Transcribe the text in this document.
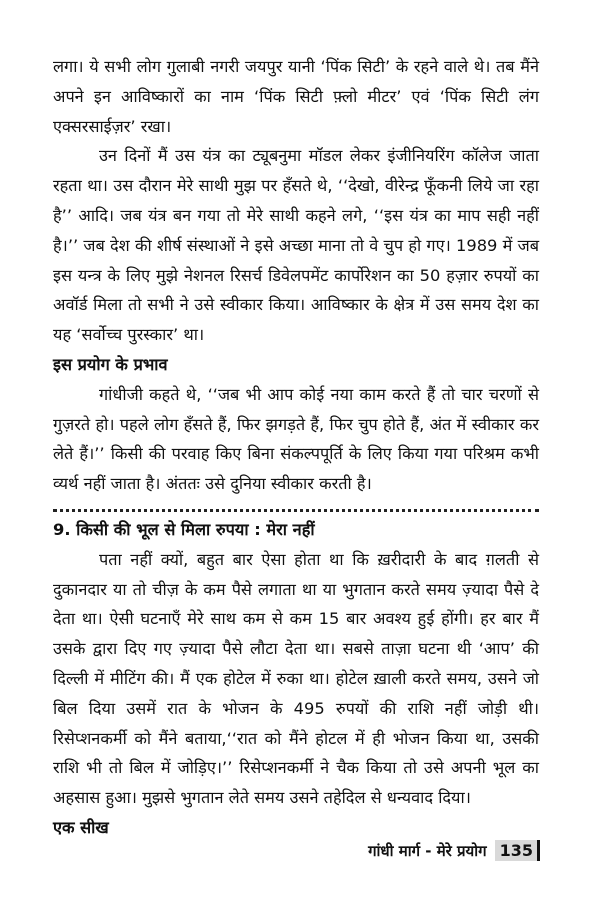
लगा। ये सभी लोग गुलाबी नगरी जयपुर यानी ‘पिंक सिटी’ के रहने वाले थे। तब मैंने अपने इन आविष्कारों का नाम ‘पिंक सिटी फ़्लो मीटर’ एवं ‘पिंक सिटी लंग एक्सरसाईज़र’ रखा।

उन दिनों मैं उस यंत्र का ट्यूबनुमा मॉडल लेकर इंजीनियरिंग कॉलेज जाता रहता था। उस दौरान मेरे साथी मुझ पर हँसते थे, ‘‘देखो, वीरेन्द्र फूँकनी लिये जा रहा है’’ आदि। जब यंत्र बन गया तो मेरे साथी कहने लगे, ‘‘इस यंत्र का माप सही नहीं है।’’ जब देश की शीर्ष संस्थाओं ने इसे अच्छा माना तो वे चुप हो गए। 1989 में जब इस यन्त्र के लिए मुझे नेशनल रिसर्च डिवेलपमेंट कार्पोरेशन का 50 हज़ार रुपयों का अवॉर्ड मिला तो सभी ने उसे स्वीकार किया। आविष्कार के क्षेत्र में उस समय देश का यह ‘सर्वोच्च पुरस्कार’ था।

इस प्रयोग के प्रभाव

गांधीजी कहते थे, ‘‘जब भी आप कोई नया काम करते हैं तो चार चरणों से गुज़रते हो। पहले लोग हँसते हैं, फिर झगड़ते हैं, फिर चुप होते हैं, अंत में स्वीकार कर लेते हैं।’’ किसी की परवाह किए बिना संकल्पपूर्ति के लिए किया गया परिश्रम कभी व्यर्थ नहीं जाता है। अंततः उसे दुनिया स्वीकार करती है।

9. किसी की भूल से मिला रुपया : मेरा नहीं

पता नहीं क्यों, बहुत बार ऐसा होता था कि ख़रीदारी के बाद ग़लती से दुकानदार या तो चीज़ के कम पैसे लगाता था या भुगतान करते समय ज़्यादा पैसे दे देता था। ऐसी घटनाएँ मेरे साथ कम से कम 15 बार अवश्य हुई होंगी। हर बार मैं उसके द्वारा दिए गए ज़्यादा पैसे लौटा देता था। सबसे ताज़ा घटना थी ‘आप’ की दिल्ली में मीटिंग की। मैं एक होटेल में रुका था। होटेल ख़ाली करते समय, उसने जो बिल दिया उसमें रात के भोजन के 495 रुपयों की राशि नहीं जोड़ी थी। रिसेप्शनकर्मी को मैंने बताया,‘‘रात को मैंने होटल में ही भोजन किया था, उसकी राशि भी तो बिल में जोड़िए।’’ रिसेप्शनकर्मी ने चैक किया तो उसे अपनी भूल का अहसास हुआ। मुझसे भुगतान लेते समय उसने तहेदिल से धन्यवाद दिया।

एक सीख
गांधी मार्ग - मेरे प्रयोग 135
